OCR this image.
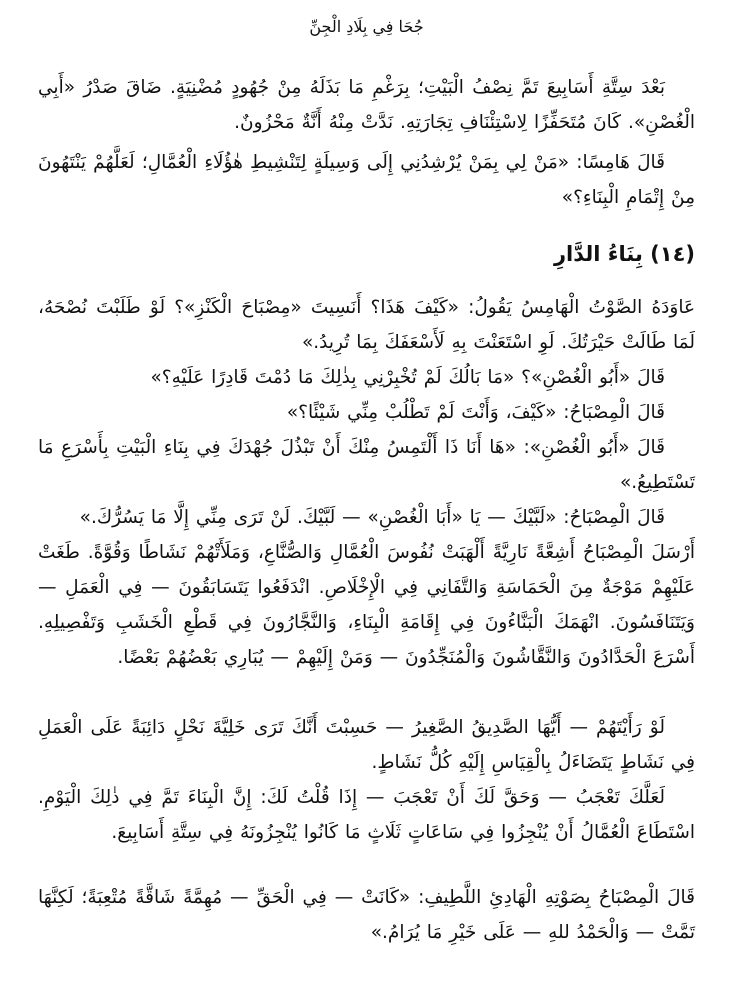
جُحَا فِي بِلَادِ الْجِنِّ

بَعْدَ سِتَّةِ أَسَابِيعَ تَمَّ نِصْفُ الْبَيْتِ؛ بِرَغْمِ مَا بَذَلَهُ مِنْ جُهُودٍ مُضْنِيَةٍ. ضَاقَ صَدْرُ «أَبِي الْغُصْنِ». كَانَ مُتَحَفِّزًا لِاسْتِئْنَافِ تِجَارَتِهِ. نَدَّتْ مِنْهُ أَنَّةٌ مَحْزُونٌ.

قَالَ هَامِسًا: «مَنْ لِي بِمَنْ يُرْشِدُنِي إِلَى وَسِيلَةٍ لِتَنْشِيطِ هٰؤُلَاءِ الْعُمَّالِ؛ لَعَلَّهُمْ يَنْتَهُونَ مِنْ إِتْمَامِ الْبِنَاءِ؟»

(١٤) بِنَاءُ الدَّارِ

عَاوَدَهُ الصَّوْتُ الْهَامِسُ يَقُولُ: «كَيْفَ هَذَا؟ أَنَسِيتَ «مِصْبَاحَ الْكَنْزِ»؟ لَوْ طَلَبْتَ نُصْحَهُ، لَمَا طَالَتْ حَيْرَتُكَ. لَوِ اسْتَعَنْتَ بِهِ لَأَسْعَفَكَ بِمَا تُرِيدُ.»

قَالَ «أَبُو الْغُصْنِ»؟ «مَا بَالُكَ لَمْ تُخْبِرْنِي بِذٰلِكَ مَا دُمْتَ قَادِرًا عَلَيْهِ؟»

قَالَ الْمِصْبَاحُ: «كَيْفَ، وَأَنْتَ لَمْ تَطْلُبْ مِنِّي شَيْئًا؟»

قَالَ «أَبُو الْغُصْنِ»: «هَا أَنَا ذَا أَلْتَمِسُ مِنْكَ أَنْ تَبْذُلَ جُهْدَكَ فِي بِنَاءِ الْبَيْتِ بِأَسْرَعِ مَا تَسْتَطِيعُ.»

قَالَ الْمِصْبَاحُ: «لَبَّيْكَ — يَا «أَبَا الْغُصْنِ» — لَبَّيْكَ. لَنْ تَرَى مِنِّي إِلَّا مَا يَسُرُّكَ.»

أَرْسَلَ الْمِصْبَاحُ أَشِعَّةً نَارِيَّةً أَلْهَبَتْ نُفُوسَ الْعُمَّالِ وَالصُّنَّاعِ، وَمَلَأَتْهُمْ نَشَاطًا وَقُوَّةً. طَغَتْ عَلَيْهِمْ مَوْجَةٌ مِنَ الْحَمَاسَةِ وَالتَّفَانِي فِي الْإِخْلَاصِ. انْدَفَعُوا يَتَسَابَقُونَ — فِي الْعَمَلِ — وَيَتَنَافَسُونَ. انْهَمَكَ الْبَنَّاءُونَ فِي إِقَامَةِ الْبِنَاءِ، وَالنَّجَّارُونَ فِي قَطْعِ الْخَشَبِ وَتَفْصِيلِهِ. أَسْرَعَ الْحَدَّادُونَ وَالنَّقَّاشُونَ وَالْمُنَجِّدُونَ — وَمَنْ إِلَيْهِمْ — يُبَارِي بَعْضُهُمْ بَعْضًا.

لَوْ رَأَيْتَهُمْ — أَيُّهَا الصَّدِيقُ الصَّغِيرُ — حَسِبْتَ أَنَّكَ تَرَى خَلِيَّةَ نَحْلٍ دَائِبَةً عَلَى الْعَمَلِ فِي نَشَاطٍ يَتَضَاءَلُ بِالْقِيَاسِ إِلَيْهِ كُلُّ نَشَاطٍ.

لَعَلَّكَ تَعْجَبُ — وَحَقَّ لَكَ أَنْ تَعْجَبَ — إِذَا قُلْتُ لَكَ: إِنَّ الْبِنَاءَ تَمَّ فِي ذٰلِكَ الْيَوْمِ. اسْتَطَاعَ الْعُمَّالُ أَنْ يُنْجِزُوا فِي سَاعَاتٍ ثَلَاثٍ مَا كَانُوا يُنْجِزُونَهُ فِي سِتَّةِ أَسَابِيعَ.

قَالَ الْمِصْبَاحُ بِصَوْتِهِ الْهَادِئِ اللَّطِيفِ: «كَانَتْ — فِي الْحَقِّ — مُهِمَّةً شَاقَّةً مُتْعِبَةً؛ لَكِنَّهَا تَمَّتْ — وَالْحَمْدُ للهِ — عَلَى خَيْرِ مَا يُرَامُ.»
